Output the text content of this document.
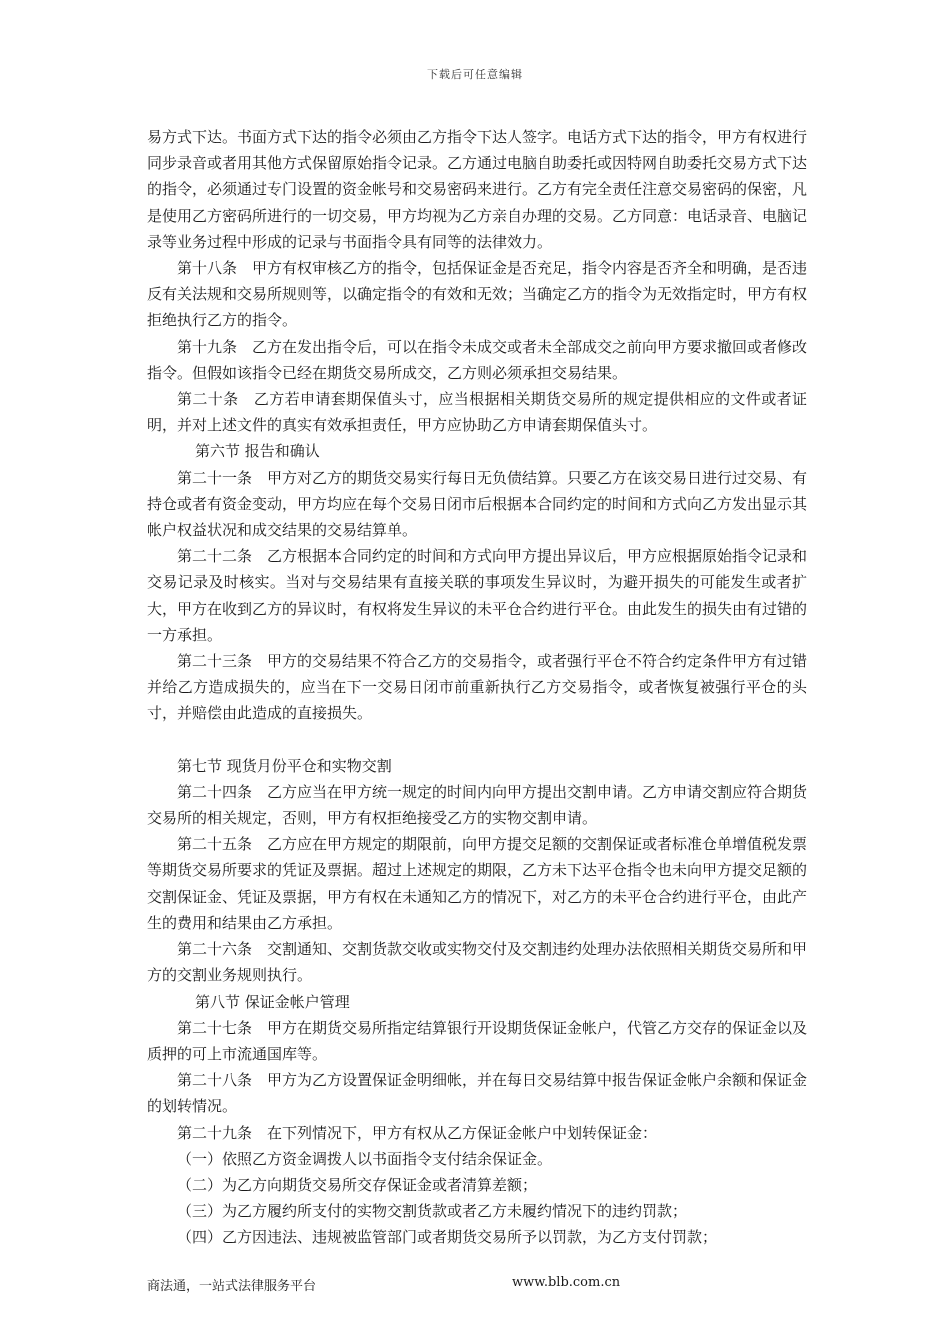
下载后可任意编辑

易方式下达。书面方式下达的指令必须由乙方指令下达人签字。电话方式下达的指令，甲方有权进行同步录音或者用其他方式保留原始指令记录。乙方通过电脑自助委托或因特网自助委托交易方式下达的指令，必须通过专门设置的资金帐号和交易密码来进行。乙方有完全责任注意交易密码的保密，凡是使用乙方密码所进行的一切交易，甲方均视为乙方亲自办理的交易。乙方同意：电话录音、电脑记录等业务过程中形成的记录与书面指令具有同等的法律效力。

第十八条　甲方有权审核乙方的指令，包括保证金是否充足，指令内容是否齐全和明确，是否违反有关法规和交易所规则等，以确定指令的有效和无效；当确定乙方的指令为无效指定时，甲方有权拒绝执行乙方的指令。

第十九条　乙方在发出指令后，可以在指令未成交或者未全部成交之前向甲方要求撤回或者修改指令。但假如该指令已经在期货交易所成交，乙方则必须承担交易结果。

第二十条　乙方若申请套期保值头寸，应当根据相关期货交易所的规定提供相应的文件或者证明，并对上述文件的真实有效承担责任，甲方应协助乙方申请套期保值头寸。

第六节 报告和确认

第二十一条　甲方对乙方的期货交易实行每日无负债结算。只要乙方在该交易日进行过交易、有持仓或者有资金变动，甲方均应在每个交易日闭市后根据本合同约定的时间和方式向乙方发出显示其帐户权益状况和成交结果的交易结算单。

第二十二条　乙方根据本合同约定的时间和方式向甲方提出异议后，甲方应根据原始指令记录和交易记录及时核实。当对与交易结果有直接关联的事项发生异议时，为避开损失的可能发生或者扩大，甲方在收到乙方的异议时，有权将发生异议的未平仓合约进行平仓。由此发生的损失由有过错的一方承担。

第二十三条　甲方的交易结果不符合乙方的交易指令，或者强行平仓不符合约定条件甲方有过错并给乙方造成损失的，应当在下一交易日闭市前重新执行乙方交易指令，或者恢复被强行平仓的头寸，并赔偿由此造成的直接损失。

第七节 现货月份平仓和实物交割

第二十四条　乙方应当在甲方统一规定的时间内向甲方提出交割申请。乙方申请交割应符合期货交易所的相关规定，否则，甲方有权拒绝接受乙方的实物交割申请。

第二十五条　乙方应在甲方规定的期限前，向甲方提交足额的交割保证或者标准仓单增值税发票等期货交易所要求的凭证及票据。超过上述规定的期限，乙方未下达平仓指令也未向甲方提交足额的交割保证金、凭证及票据，甲方有权在未通知乙方的情况下，对乙方的未平仓合约进行平仓，由此产生的费用和结果由乙方承担。

第二十六条　交割通知、交割货款交收或实物交付及交割违约处理办法依照相关期货交易所和甲方的交割业务规则执行。

第八节 保证金帐户管理

第二十七条　甲方在期货交易所指定结算银行开设期货保证金帐户，代管乙方交存的保证金以及质押的可上市流通国库等。

第二十八条　甲方为乙方设置保证金明细帐，并在每日交易结算中报告保证金帐户余额和保证金的划转情况。

第二十九条　在下列情况下，甲方有权从乙方保证金帐户中划转保证金：

（一）依照乙方资金调拨人以书面指令支付结余保证金。

（二）为乙方向期货交易所交存保证金或者清算差额；

（三）为乙方履约所支付的实物交割货款或者乙方未履约情况下的违约罚款；

（四）乙方因违法、违规被监管部门或者期货交易所予以罚款，为乙方支付罚款；

商法通，一站式法律服务平台	www.blb.com.cn
